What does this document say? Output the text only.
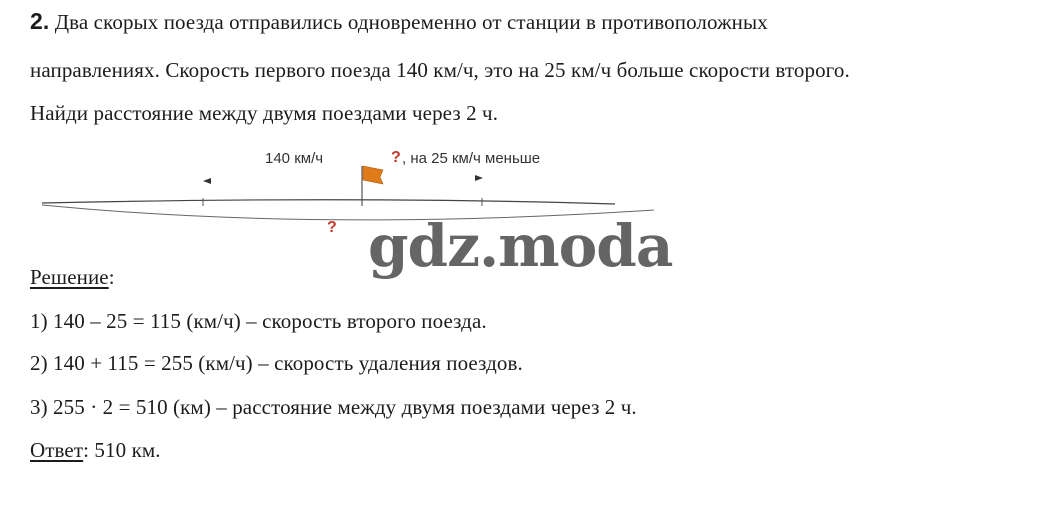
2. Два скорых поезда отправились одновременно от станции в противоположных
направлениях. Скорость первого поезда 140 км/ч, это на 25 км/ч больше скорости второго.
Найди расстояние между двумя поездами через 2 ч.
140 км/ч	? , на 25 км/ч меньше
? gdz.moda
Решение:
1) 140 – 25 = 115 (км/ч) – скорость второго поезда.
2) 140 + 115 = 255 (км/ч) – скорость удаления поездов.
3) 255 · 2 = 510 (км) – расстояние между двумя поездами через 2 ч.
Ответ: 510 км.
